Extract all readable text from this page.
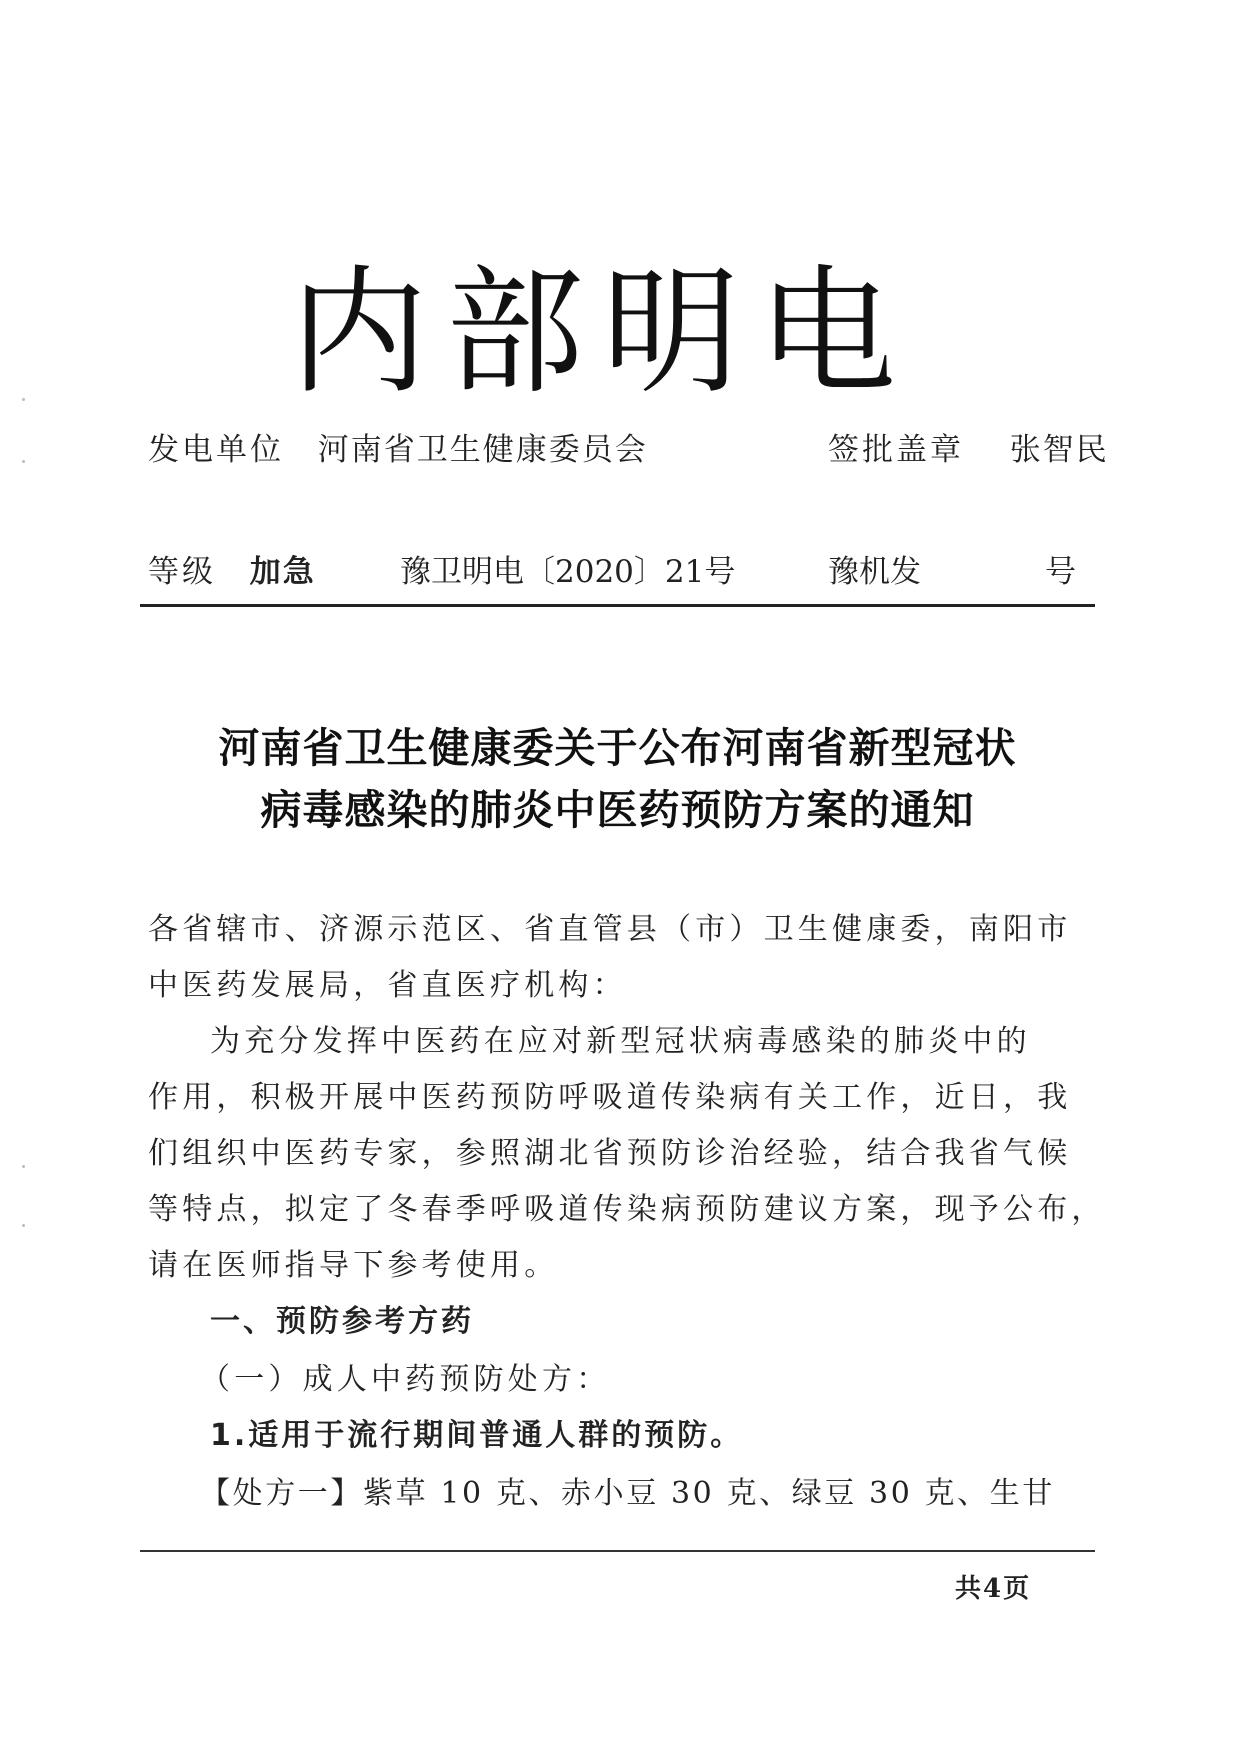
内部明电
发电单位 河南省卫生健康委员会	签批盖章 张智民
等级 加急	豫卫明电〔2020〕21号	豫机发	号
河南省卫生健康委关于公布河南省新型冠状
病毒感染的肺炎中医药预防方案的通知
各省辖市、济源示范区、省直管县（市）卫生健康委，南阳市
中医药发展局，省直医疗机构：
为充分发挥中医药在应对新型冠状病毒感染的肺炎中的
作用，积极开展中医药预防呼吸道传染病有关工作，近日，我
们组织中医药专家，参照湖北省预防诊治经验，结合我省气候
等特点，拟定了冬春季呼吸道传染病预防建议方案，现予公布，
请在医师指导下参考使用。
一、预防参考方药
（一）成人中药预防处方：
1.适用于流行期间普通人群的预防。
【处方一】紫草 10 克、赤小豆 30 克、绿豆 30 克、生甘
共4页
